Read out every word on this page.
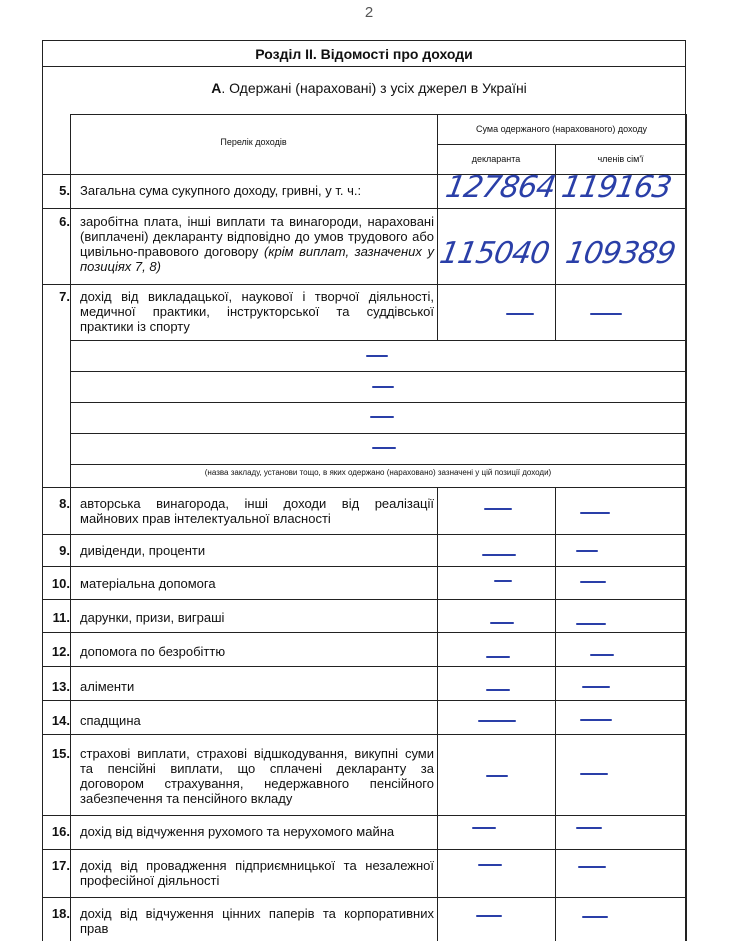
2
Розділ ІІ. Відомості про доходи
А. Одержані (нараховані) з усіх джерел в Україні
Перелік доходів
Сума одержаного (нарахованого) доходу
декларанта	членів сім'ї
5. Загальна сума сукупного доходу, гривні, у т. ч.:	127864 119163
6. заробітна плата, інші виплати та винагороди, нараховані (виплачені) декларанту відповідно до умов трудового або цивільно-правового договору (крім виплат, зазначених у позиціях 7, 8)	115040 109389
7. дохід від викладацької, наукової і творчої діяльності, медичної практики, інструкторської та суддівської практики із спорту
(назва закладу, установи тощо, в яких одержано (нараховано) зазначені у цій позиції доходи)
8. авторська винагорода, інші доходи від реалізації майнових прав інтелектуальної власності
9. дивіденди, проценти
10. матеріальна допомога
11. дарунки, призи, виграші
12. допомога по безробіттю
13. аліменти
14. спадщина
15. страхові виплати, страхові відшкодування, викупні суми та пенсійні виплати, що сплачені декларанту за договором страхування, недержавного пенсійного забезпечення та пенсійного вкладу
16. дохід від відчуження рухомого та нерухомого майна
17. дохід від провадження підприємницької та незалежної професійної діяльності
18. дохід від відчуження цінних паперів та корпоративних прав
